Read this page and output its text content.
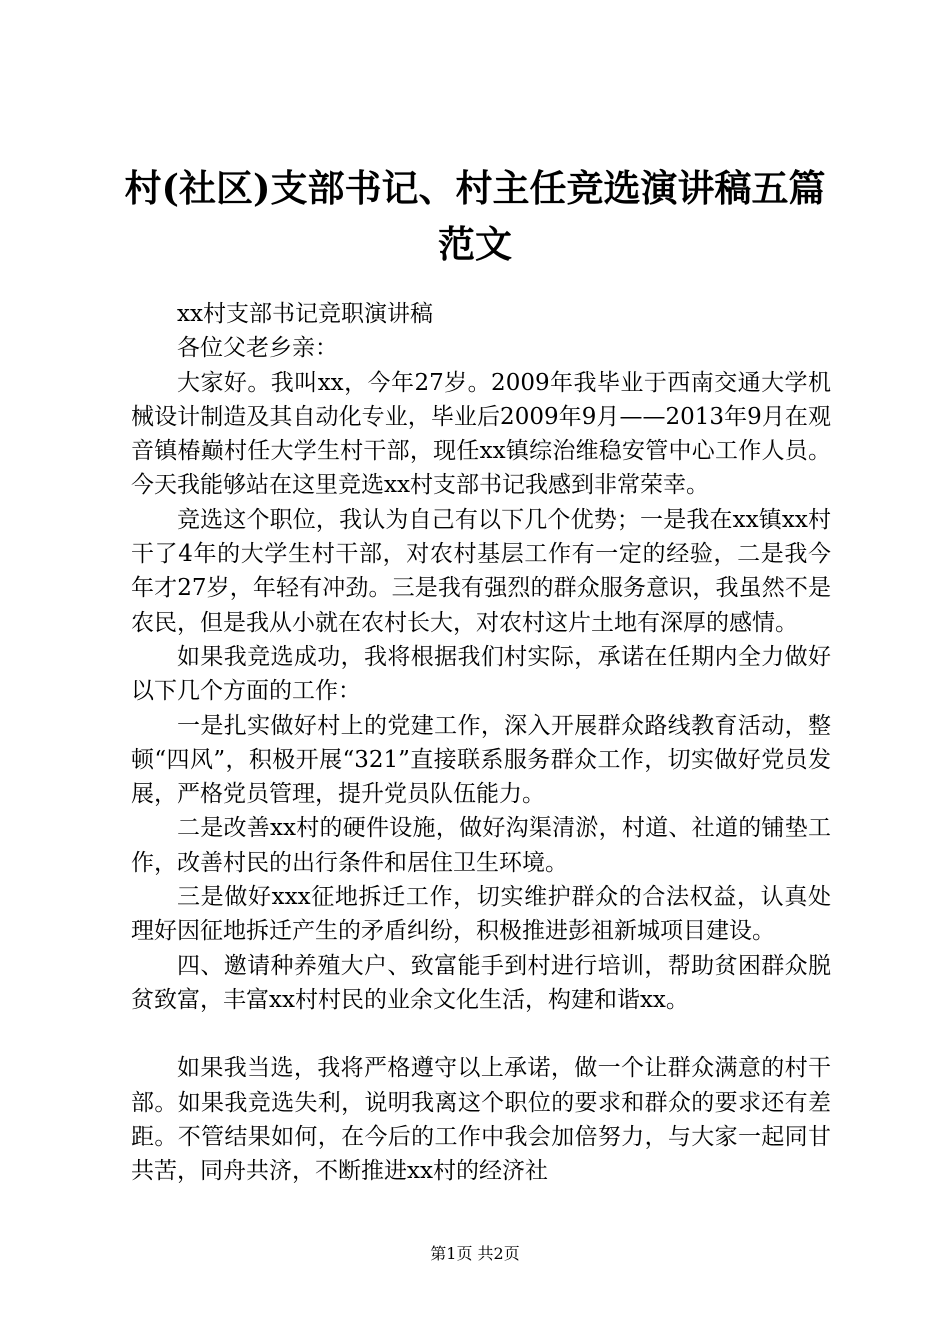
村(社区)支部书记、村主任竞选演讲稿五篇范文

xx村支部书记竞职演讲稿

各位父老乡亲：

大家好。我叫xx，今年27岁。2009年我毕业于西南交通大学机械设计制造及其自动化专业，毕业后2009年9月——2013年9月在观音镇椿巅村任大学生村干部，现任xx镇综治维稳安管中心工作人员。今天我能够站在这里竞选xx村支部书记我感到非常荣幸。

竞选这个职位，我认为自己有以下几个优势；一是我在xx镇xx村干了4年的大学生村干部，对农村基层工作有一定的经验，二是我今年才27岁，年轻有冲劲。三是我有强烈的群众服务意识，我虽然不是农民，但是我从小就在农村长大，对农村这片土地有深厚的感情。

如果我竞选成功，我将根据我们村实际，承诺在任期内全力做好以下几个方面的工作：

一是扎实做好村上的党建工作，深入开展群众路线教育活动，整顿“四风”，积极开展“321”直接联系服务群众工作，切实做好党员发展，严格党员管理，提升党员队伍能力。

二是改善xx村的硬件设施，做好沟渠清淤，村道、社道的铺垫工作，改善村民的出行条件和居住卫生环境。

三是做好xxx征地拆迁工作，切实维护群众的合法权益，认真处理好因征地拆迁产生的矛盾纠纷，积极推进彭祖新城项目建设。

四、邀请种养殖大户、致富能手到村进行培训，帮助贫困群众脱贫致富，丰富xx村村民的业余文化生活，构建和谐xx。

如果我当选，我将严格遵守以上承诺，做一个让群众满意的村干部。如果我竞选失利，说明我离这个职位的要求和群众的要求还有差距。不管结果如何，在今后的工作中我会加倍努力，与大家一起同甘共苦，同舟共济，不断推进xx村的经济社

第1页 共2页
